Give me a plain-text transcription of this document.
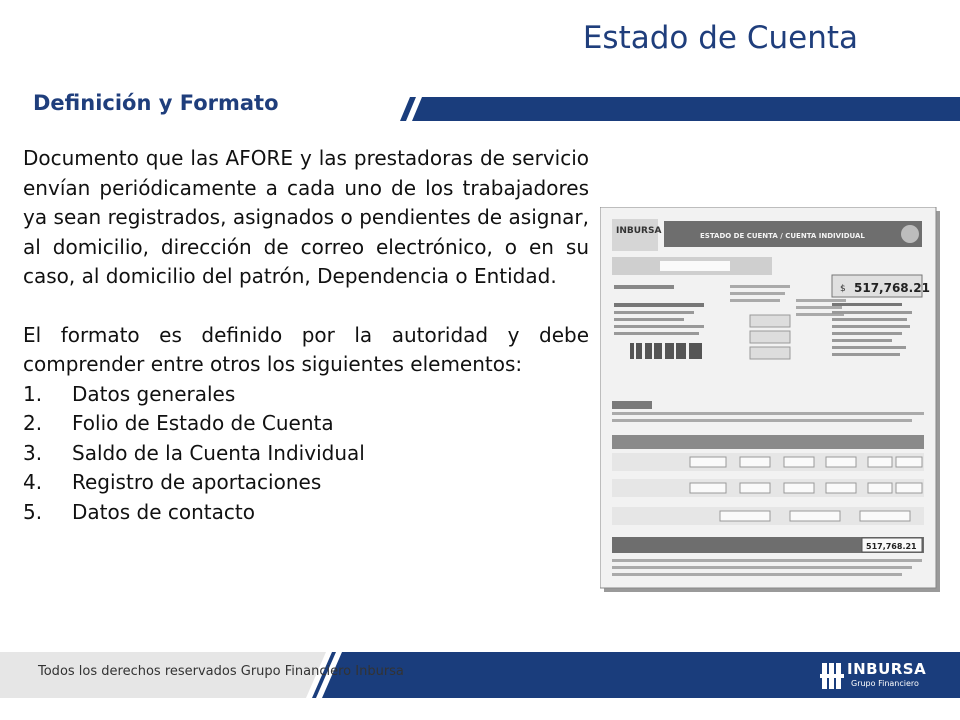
Estado de Cuenta
Definición y Formato

Documento que las AFORE y las prestadoras de servicio envían periódicamente a cada uno de los trabajadores ya sean registrados, asignados o pendientes de asignar, al domicilio, dirección de correo electrónico, o en su caso, al domicilio del patrón, Dependencia o Entidad.

El formato es definido por la autoridad y debe comprender entre otros los siguientes elementos:

1. Datos generales
2. Folio de Estado de Cuenta
3. Saldo de la Cuenta Individual
4. Registro de aportaciones
5. Datos de contacto
INBURSA	ESTADO DE CUENTA / CUENTA INDIVIDUAL
$ 517,768.21
517,768.21
Todos los derechos reservados Grupo Financiero Inbursa	INBURSA
Grupo Financiero
